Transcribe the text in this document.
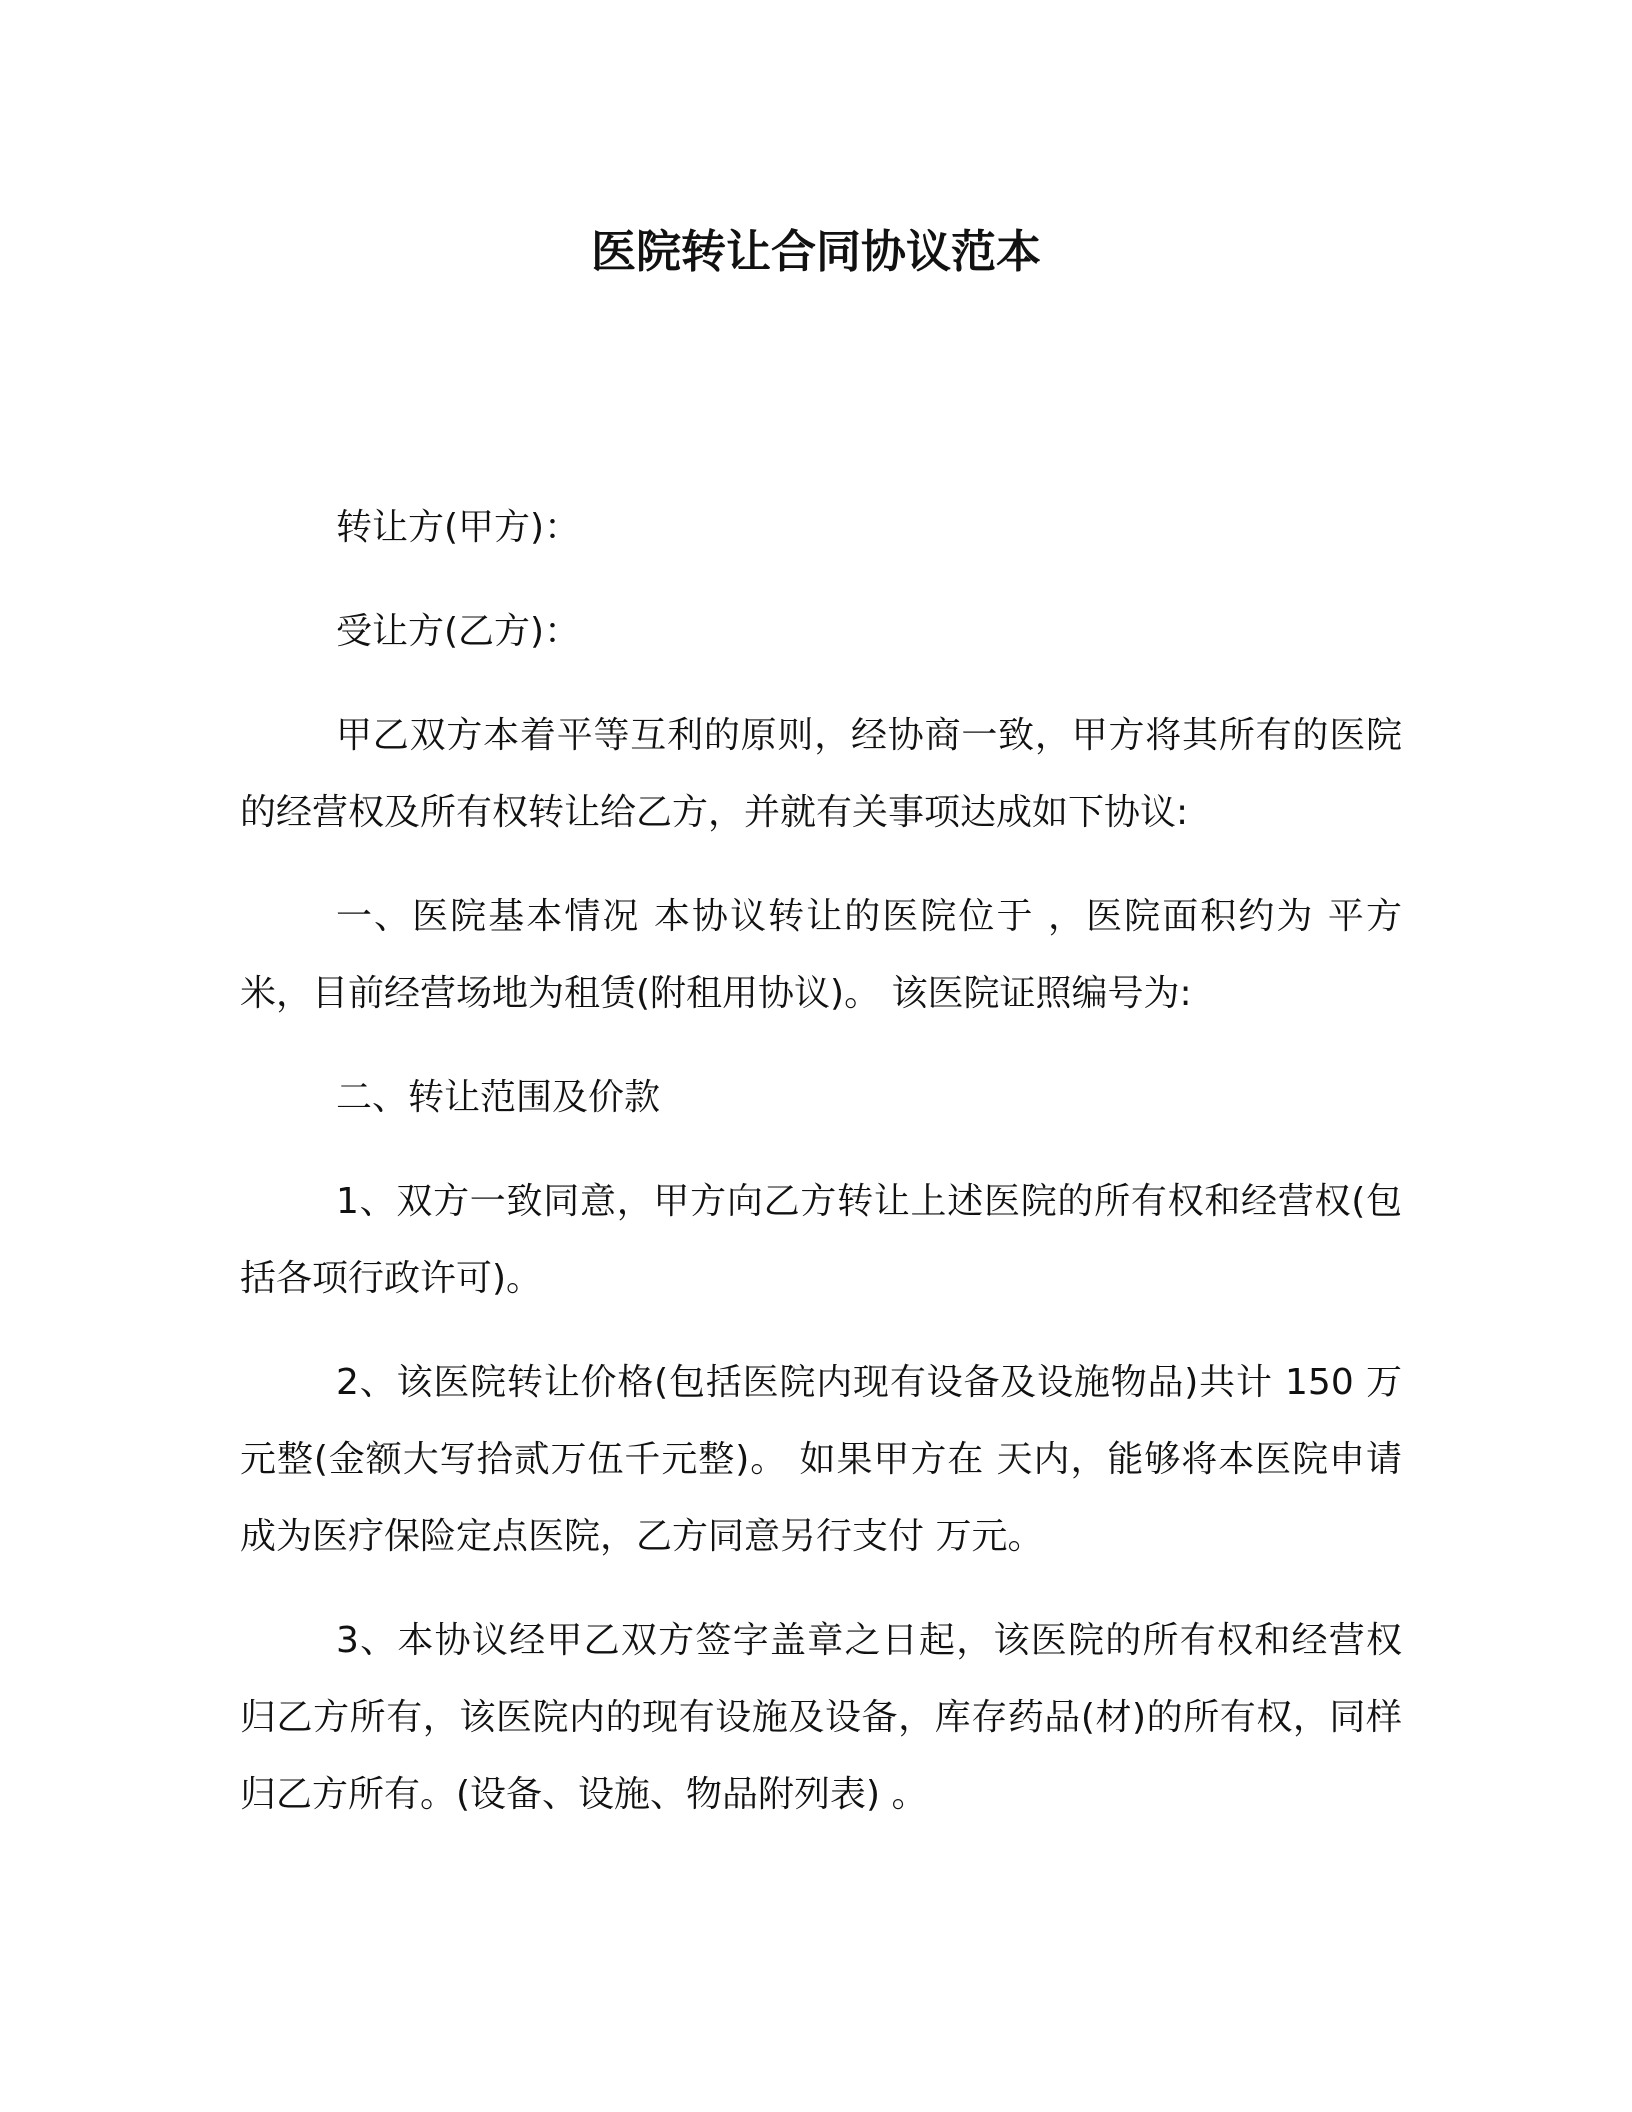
医院转让合同协议范本

转让方(甲方)：

受让方(乙方)：

甲乙双方本着平等互利的原则，经协商一致，甲方将其所有的医院的经营权及所有权转让给乙方，并就有关事项达成如下协议:

一、医院基本情况 本协议转让的医院位于 ，医院面积约为 平方米，目前经营场地为租赁(附租用协议)。 该医院证照编号为:

二、转让范围及价款

1、双方一致同意，甲方向乙方转让上述医院的所有权和经营权(包括各项行政许可)。

2、该医院转让价格(包括医院内现有设备及设施物品)共计 150 万元整(金额大写拾贰万伍千元整)。 如果甲方在 天内，能够将本医院申请成为医疗保险定点医院，乙方同意另行支付 万元。

3、本协议经甲乙双方签字盖章之日起，该医院的所有权和经营权归乙方所有，该医院内的现有设施及设备，库存药品(材)的所有权，同样归乙方所有。(设备、设施、物品附列表) 。
